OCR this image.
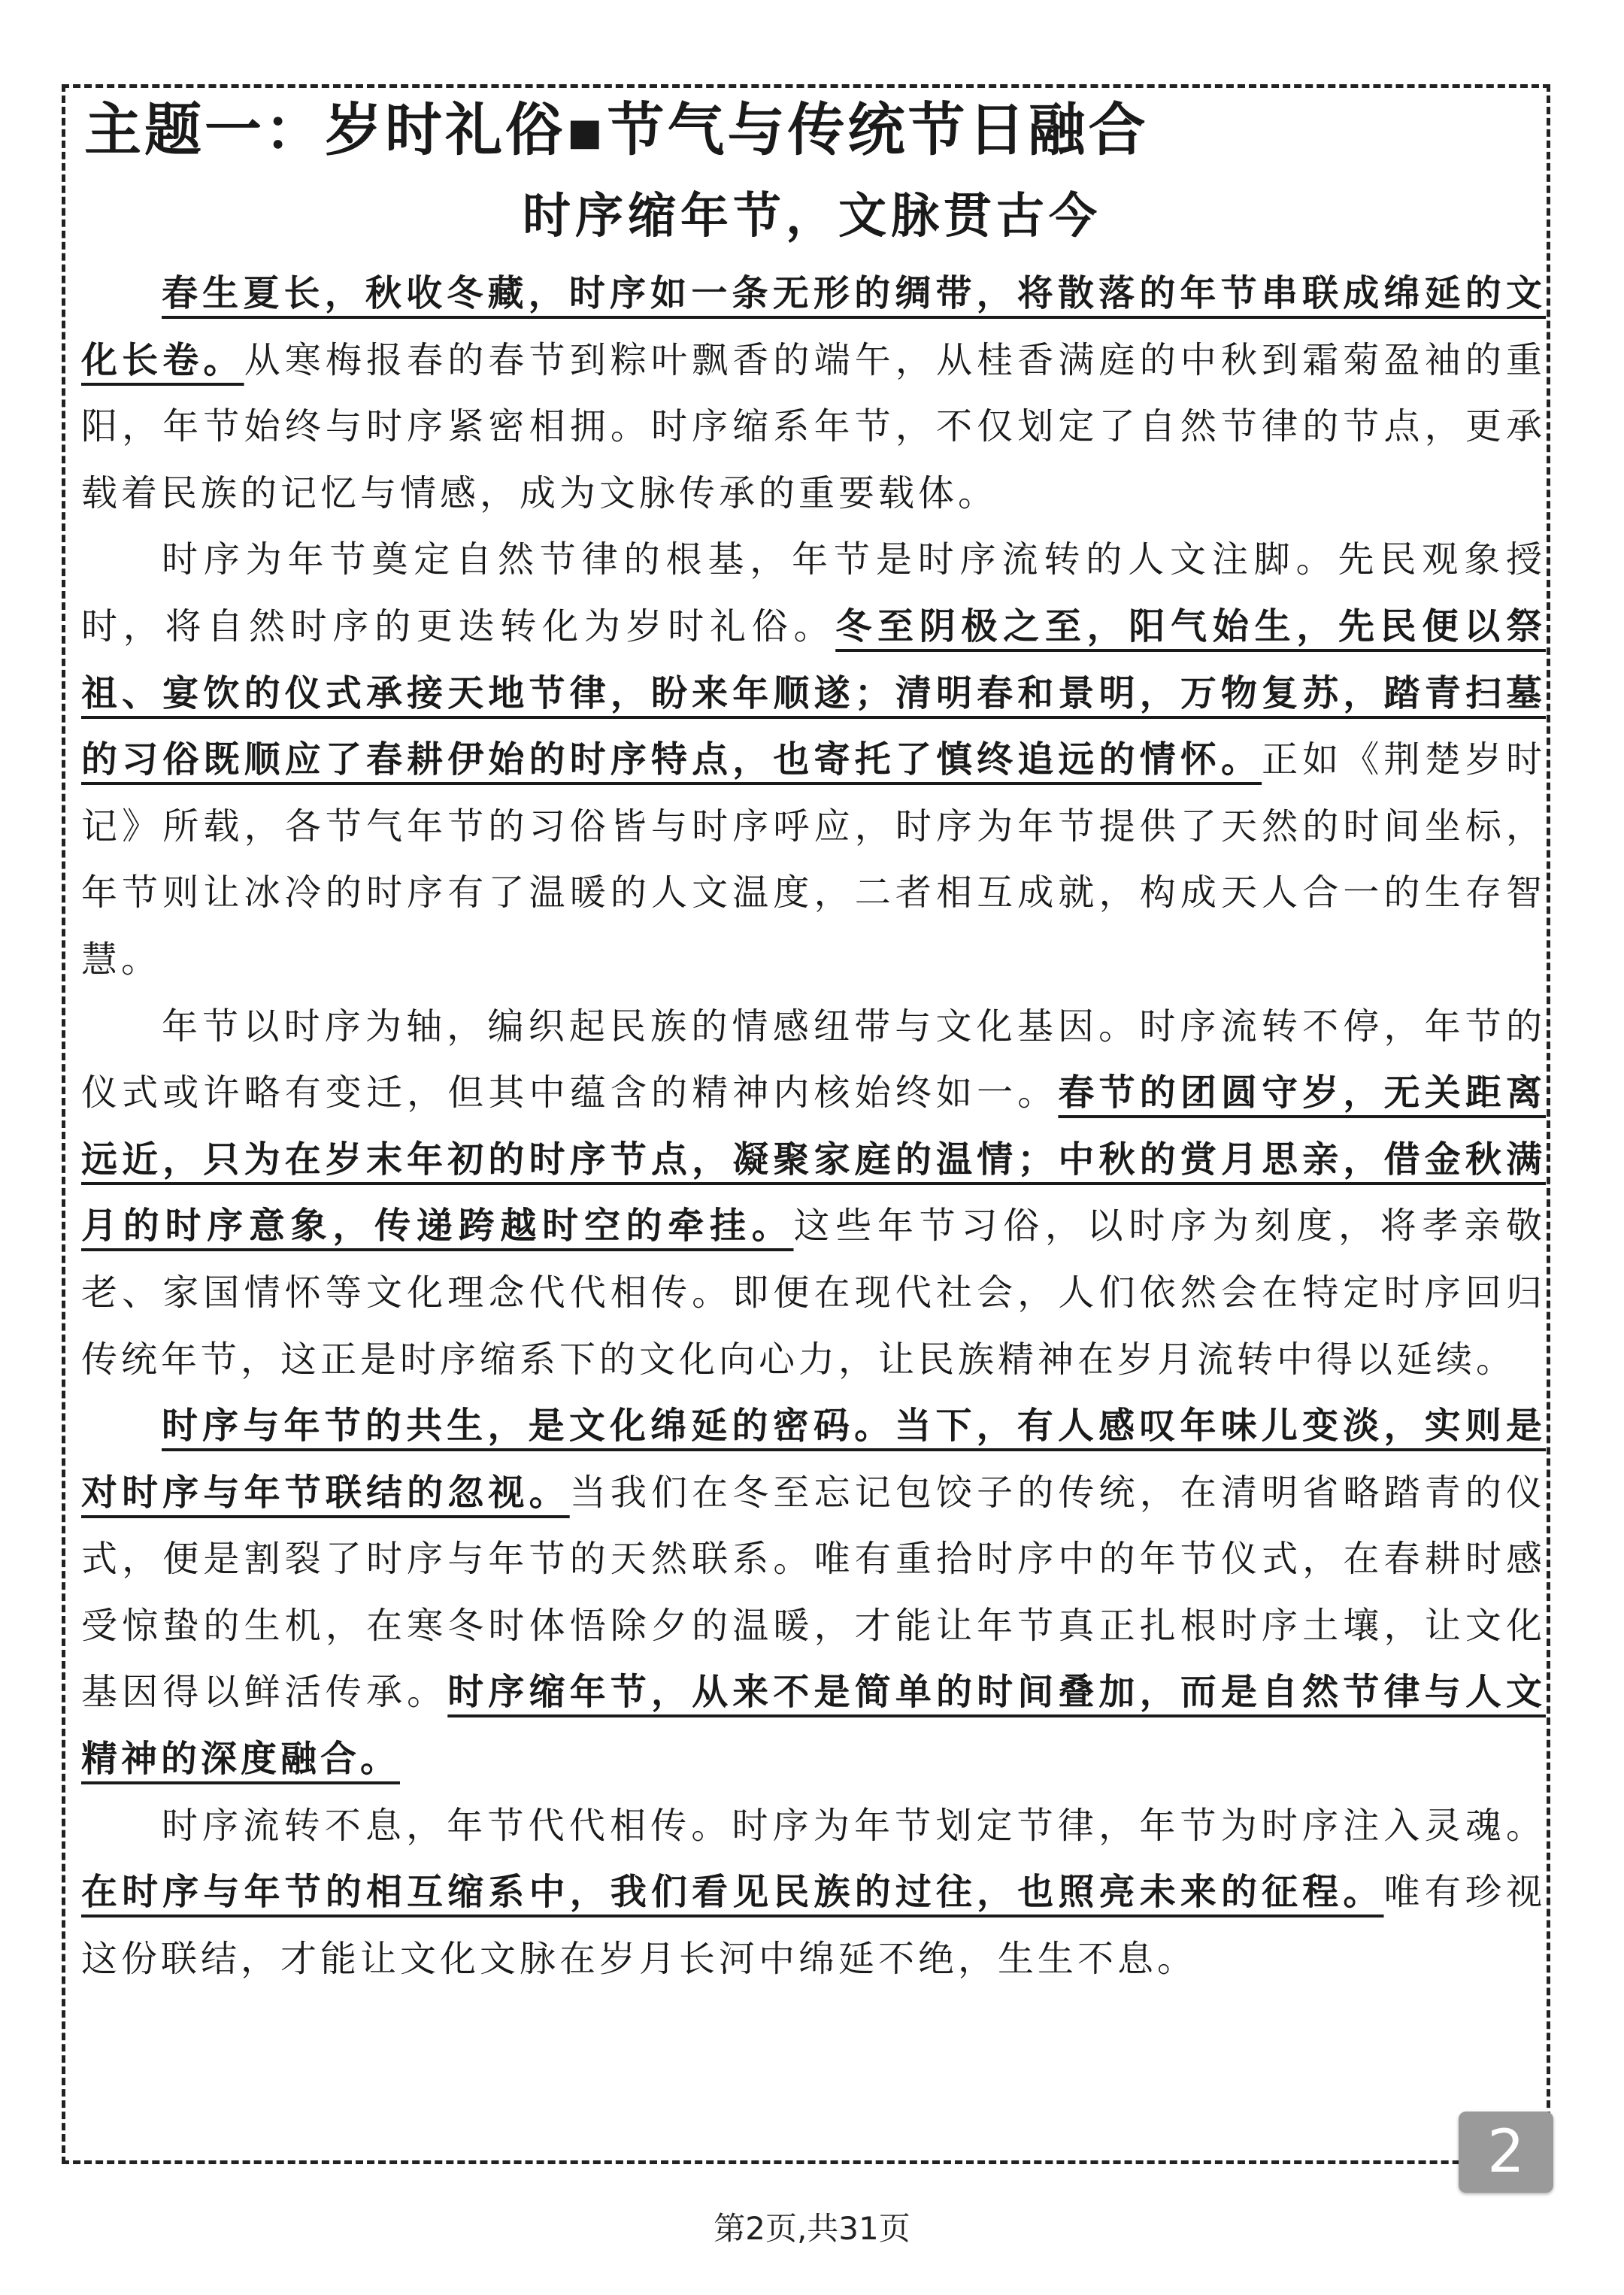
主题一：岁时礼俗▪节气与传统节日融合
时序缩年节，文脉贯古今

春生夏长，秋收冬藏，时序如一条无形的绸带，将散落的年节串联成绵延的文化长卷。从寒梅报春的春节到粽叶飘香的端午，从桂香满庭的中秋到霜菊盈袖的重阳，年节始终与时序紧密相拥。时序缩系年节，不仅划定了自然节律的节点，更承载着民族的记忆与情感，成为文脉传承的重要载体。

时序为年节奠定自然节律的根基，年节是时序流转的人文注脚。先民观象授时，将自然时序的更迭转化为岁时礼俗。冬至阴极之至，阳气始生，先民便以祭祖、宴饮的仪式承接天地节律，盼来年顺遂；清明春和景明，万物复苏，踏青扫墓的习俗既顺应了春耕伊始的时序特点，也寄托了慎终追远的情怀。正如《荆楚岁时记》所载，各节气年节的习俗皆与时序呼应，时序为年节提供了天然的时间坐标，年节则让冰冷的时序有了温暖的人文温度，二者相互成就，构成天人合一的生存智慧。

年节以时序为轴，编织起民族的情感纽带与文化基因。时序流转不停，年节的仪式或许略有变迁，但其中蕴含的精神内核始终如一。春节的团圆守岁，无关距离远近，只为在岁末年初的时序节点，凝聚家庭的温情；中秋的赏月思亲，借金秋满月的时序意象，传递跨越时空的牵挂。这些年节习俗，以时序为刻度，将孝亲敬老、家国情怀等文化理念代代相传。即便在现代社会，人们依然会在特定时序回归传统年节，这正是时序缩系下的文化向心力，让民族精神在岁月流转中得以延续。

时序与年节的共生，是文化绵延的密码。当下，有人感叹年味儿变淡，实则是对时序与年节联结的忽视。当我们在冬至忘记包饺子的传统，在清明省略踏青的仪式，便是割裂了时序与年节的天然联系。唯有重拾时序中的年节仪式，在春耕时感受惊蛰的生机，在寒冬时体悟除夕的温暖，才能让年节真正扎根时序土壤，让文化基因得以鲜活传承。时序缩年节，从来不是简单的时间叠加，而是自然节律与人文精神的深度融合。

时序流转不息，年节代代相传。时序为年节划定节律，年节为时序注入灵魂。在时序与年节的相互缩系中，我们看见民族的过往，也照亮未来的征程。唯有珍视这份联结，才能让文化文脉在岁月长河中绵延不绝，生生不息。

2
第2页,共31页
